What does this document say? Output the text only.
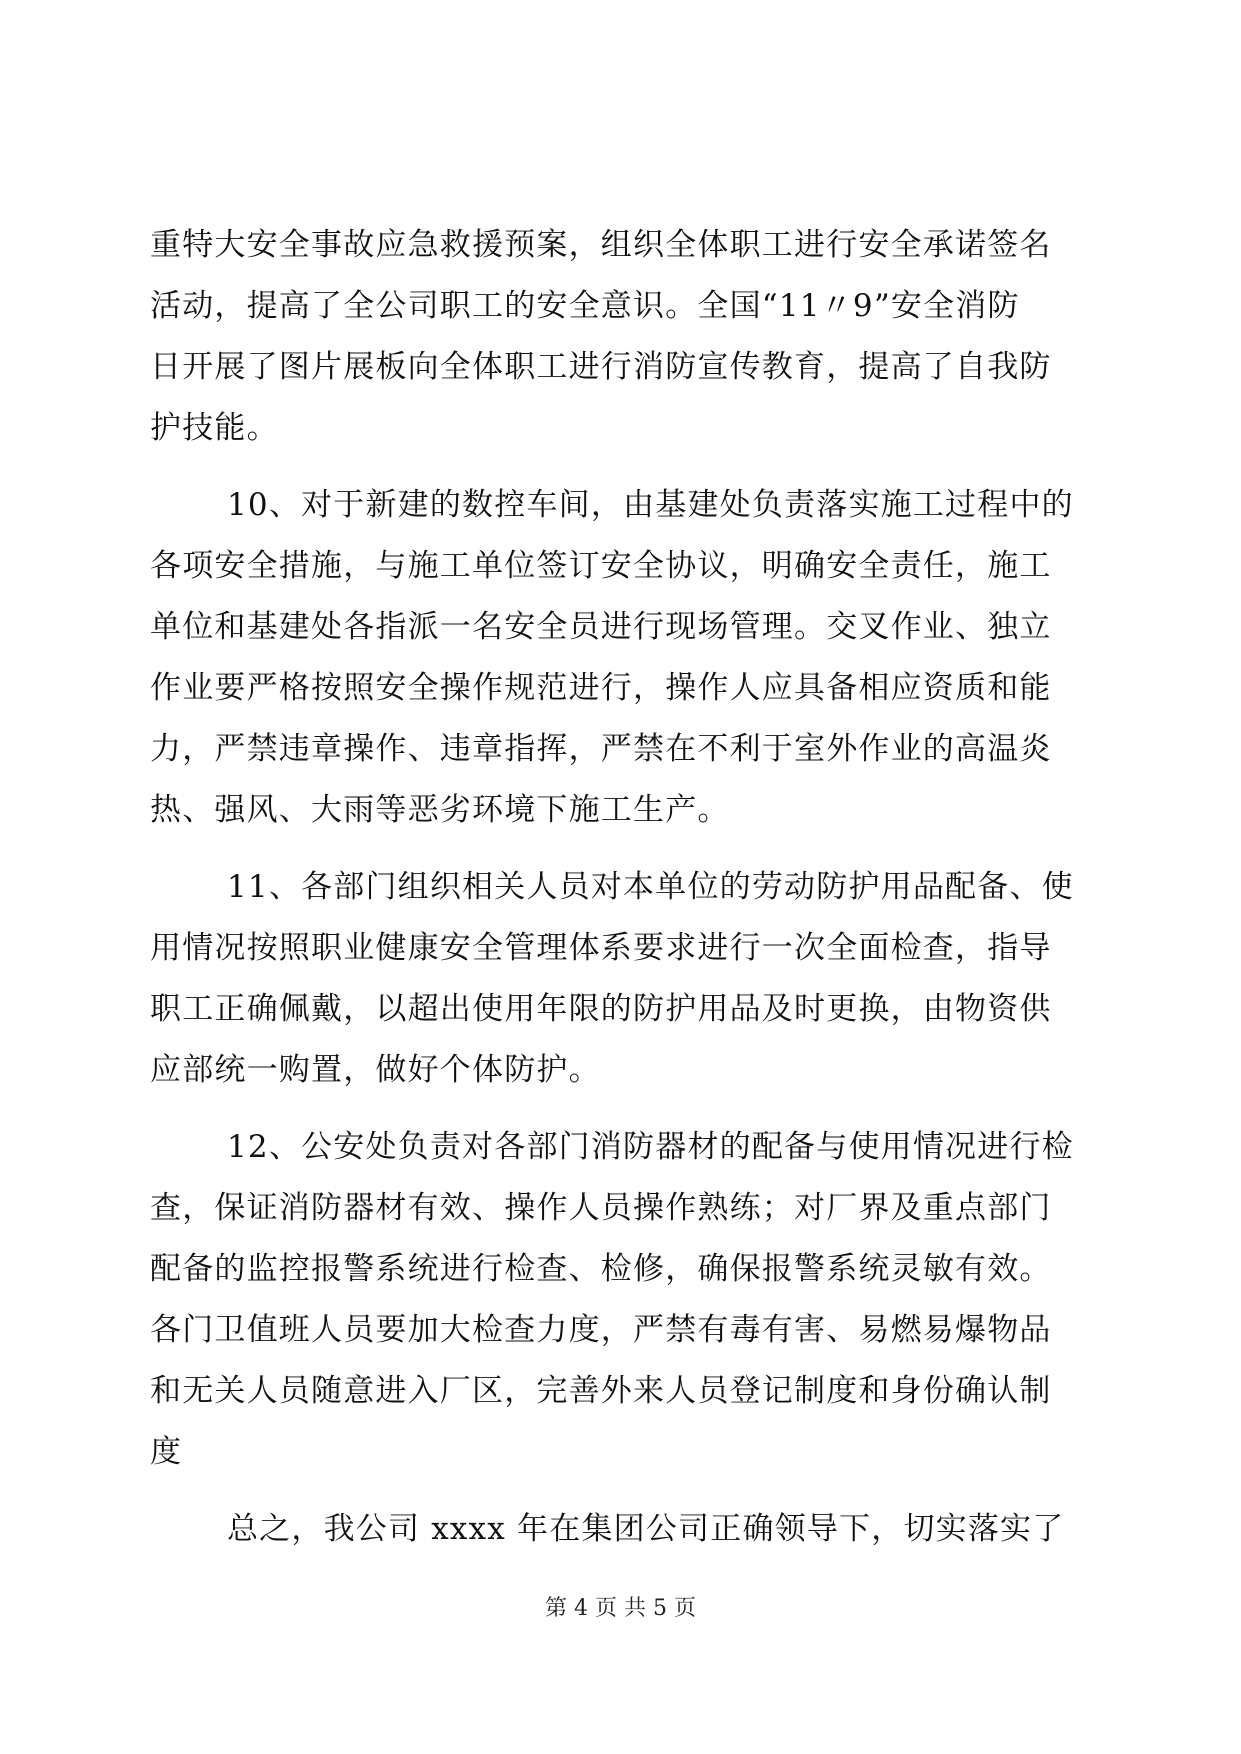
重特大安全事故应急救援预案，组织全体职工进行安全承诺签名
活动，提高了全公司职工的安全意识。全国“11〃9”安全消防
日开展了图片展板向全体职工进行消防宣传教育，提高了自我防
护技能。
10、对于新建的数控车间，由基建处负责落实施工过程中的
各项安全措施，与施工单位签订安全协议，明确安全责任，施工
单位和基建处各指派一名安全员进行现场管理。交叉作业、独立
作业要严格按照安全操作规范进行，操作人应具备相应资质和能
力，严禁违章操作、违章指挥，严禁在不利于室外作业的高温炎
热、强风、大雨等恶劣环境下施工生产。
11、各部门组织相关人员对本单位的劳动防护用品配备、使
用情况按照职业健康安全管理体系要求进行一次全面检查，指导
职工正确佩戴，以超出使用年限的防护用品及时更换，由物资供
应部统一购置，做好个体防护。
12、公安处负责对各部门消防器材的配备与使用情况进行检
查，保证消防器材有效、操作人员操作熟练；对厂界及重点部门
配备的监控报警系统进行检查、检修，确保报警系统灵敏有效。
各门卫值班人员要加大检查力度，严禁有毒有害、易燃易爆物品
和无关人员随意进入厂区，完善外来人员登记制度和身份确认制
度
总之，我公司 xxxx 年在集团公司正确领导下，切实落实了
第 4 页 共 5 页
